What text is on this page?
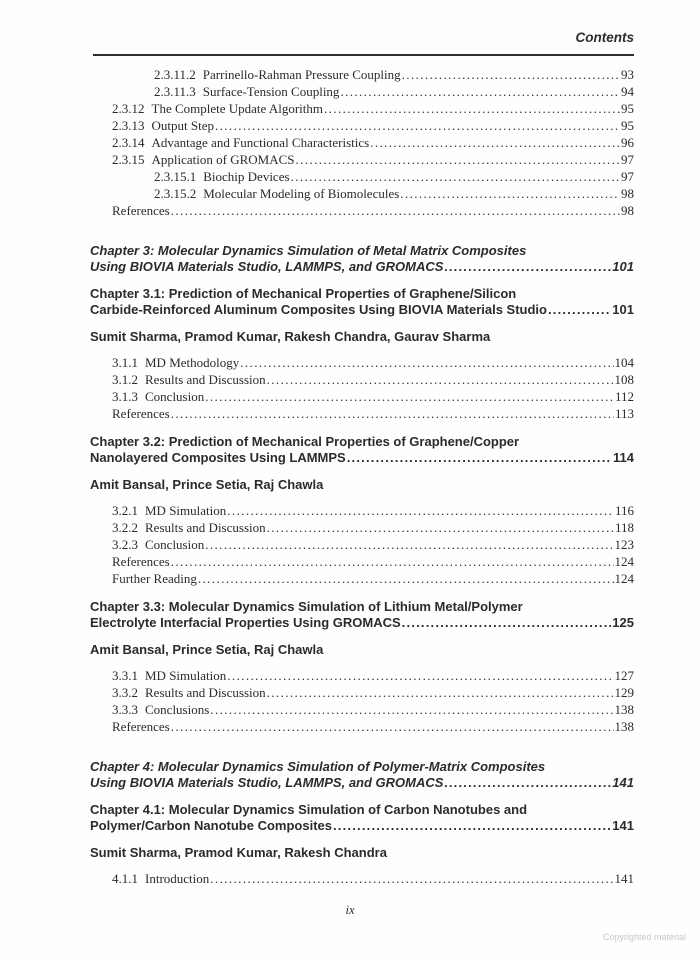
Contents
2.3.11.2 Parrinello-Rahman Pressure Coupling .....	93
2.3.11.3 Surface-Tension Coupling .....	94
2.3.12 The Complete Update Algorithm .....	95
2.3.13 Output Step .....	95
2.3.14 Advantage and Functional Characteristics .....	96
2.3.15 Application of GROMACS .....	97
2.3.15.1 Biochip Devices .....	97
2.3.15.2 Molecular Modeling of Biomolecules .....	98
References .....	98
Chapter 3: Molecular Dynamics Simulation of Metal Matrix Composites
Using BIOVIA Materials Studio, LAMMPS, and GROMACS .....	101
Chapter 3.1: Prediction of Mechanical Properties of Graphene/Silicon
Carbide-Reinforced Aluminum Composites Using BIOVIA Materials Studio .....	101
Sumit Sharma, Pramod Kumar, Rakesh Chandra, Gaurav Sharma
3.1.1 MD Methodology .....	104
3.1.2 Results and Discussion .....	108
3.1.3 Conclusion .....	112
References .....	113
Chapter 3.2: Prediction of Mechanical Properties of Graphene/Copper
Nanolayered Composites Using LAMMPS .....	114
Amit Bansal, Prince Setia, Raj Chawla
3.2.1 MD Simulation .....	116
3.2.2 Results and Discussion .....	118
3.2.3 Conclusion .....	123
References .....	124
Further Reading .....	124
Chapter 3.3: Molecular Dynamics Simulation of Lithium Metal/Polymer
Electrolyte Interfacial Properties Using GROMACS .....	125
Amit Bansal, Prince Setia, Raj Chawla
3.3.1 MD Simulation .....	127
3.3.2 Results and Discussion .....	129
3.3.3 Conclusions .....	138
References .....	138
Chapter 4: Molecular Dynamics Simulation of Polymer-Matrix Composites
Using BIOVIA Materials Studio, LAMMPS, and GROMACS .....	141
Chapter 4.1: Molecular Dynamics Simulation of Carbon Nanotubes and
Polymer/Carbon Nanotube Composites .....	141
Sumit Sharma, Pramod Kumar, Rakesh Chandra
4.1.1 Introduction .....	141
ix
Copyrighted material
